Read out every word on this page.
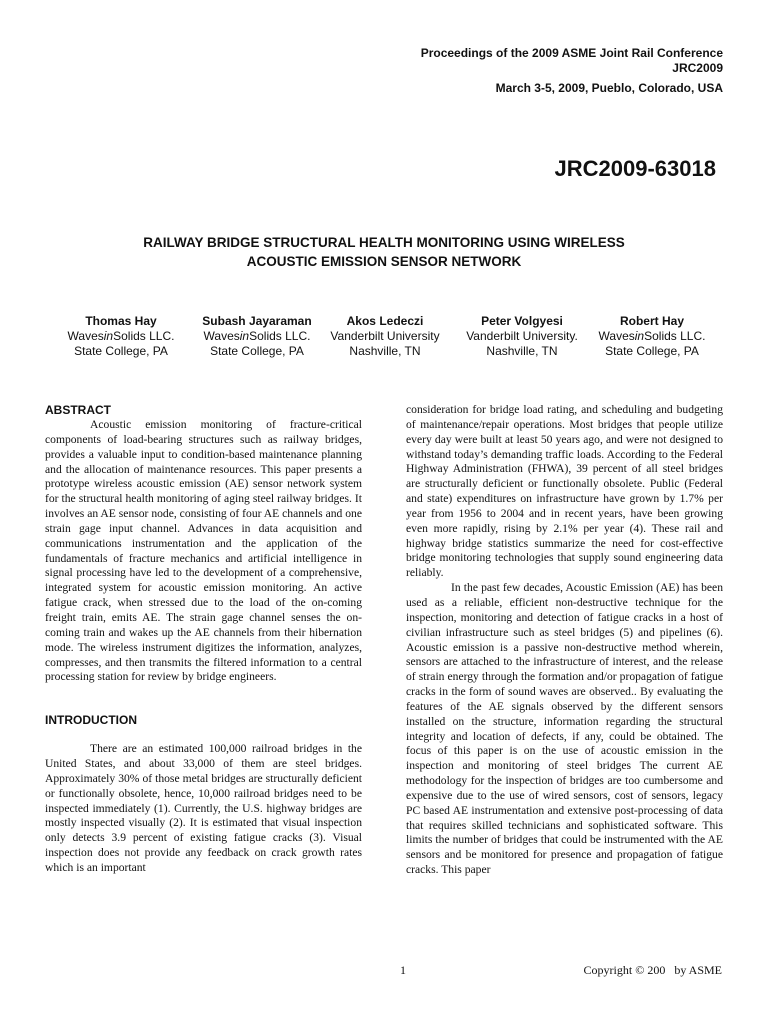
Proceedings of the 2009 ASME Joint Rail Conference
JRC2009
March 3-5, 2009, Pueblo, Colorado, USA
JRC2009-63018
RAILWAY BRIDGE STRUCTURAL HEALTH MONITORING USING WIRELESS
ACOUSTIC EMISSION SENSOR NETWORK
Thomas Hay
WavesinSolids LLC.
State College, PA
Subash Jayaraman
WavesinSolids LLC.
State College, PA
Akos Ledeczi
Vanderbilt University
Nashville, TN
Peter Volgyesi
Vanderbilt University.
Nashville, TN
Robert Hay
WavesinSolids LLC.
State College, PA
ABSTRACT

Acoustic emission monitoring of fracture-critical components of load-bearing structures such as railway bridges, provides a valuable input to condition-based maintenance planning and the allocation of maintenance resources. This paper presents a prototype wireless acoustic emission (AE) sensor network system for the structural health monitoring of aging steel railway bridges. It involves an AE sensor node, consisting of four AE channels and one strain gage input channel. Advances in data acquisition and communications instrumentation and the application of the fundamentals of fracture mechanics and artificial intelligence in signal processing have led to the development of a comprehensive, integrated system for acoustic emission monitoring. An active fatigue crack, when stressed due to the load of the on-coming freight train, emits AE. The strain gage channel senses the on-coming train and wakes up the AE channels from their hibernation mode. The wireless instrument digitizes the information, analyzes, compresses, and then transmits the filtered information to a central processing station for review by bridge engineers.

INTRODUCTION

There are an estimated 100,000 railroad bridges in the United States, and about 33,000 of them are steel bridges. Approximately 30% of those metal bridges are structurally deficient or functionally obsolete, hence, 10,000 railroad bridges need to be inspected immediately (1). Currently, the U.S. highway bridges are mostly inspected visually (2). It is estimated that visual inspection only detects 3.9 percent of existing fatigue cracks (3). Visual inspection does not provide any feedback on crack growth rates which is an important

consideration for bridge load rating, and scheduling and budgeting of maintenance/repair operations. Most bridges that people utilize every day were built at least 50 years ago, and were not designed to withstand today’s demanding traffic loads. According to the Federal Highway Administration (FHWA), 39 percent of all steel bridges are structurally deficient or functionally obsolete. Public (Federal and state) expenditures on infrastructure have grown by 1.7% per year from 1956 to 2004 and in recent years, have been growing even more rapidly, rising by 2.1% per year (4). These rail and highway bridge statistics summarize the need for cost-effective bridge monitoring technologies that supply sound engineering data reliably.

In the past few decades, Acoustic Emission (AE) has been used as a reliable, efficient non-destructive technique for the inspection, monitoring and detection of fatigue cracks in a host of civilian infrastructure such as steel bridges (5) and pipelines (6). Acoustic emission is a passive non-destructive method wherein, sensors are attached to the infrastructure of interest, and the release of strain energy through the formation and/or propagation of fatigue cracks in the form of sound waves are observed.. By evaluating the features of the AE signals observed by the different sensors installed on the structure, information regarding the structural integrity and location of defects, if any, could be obtained. The focus of this paper is on the use of acoustic emission in the inspection and monitoring of steel bridges The current AE methodology for the inspection of bridges are too cumbersome and expensive due to the use of wired sensors, cost of sensors, legacy PC based AE instrumentation and extensive post-processing of data that requires skilled technicians and sophisticated software. This limits the number of bridges that could be instrumented with the AE sensors and be monitored for presence and propagation of fatigue cracks. This paper

1	Copyright © 200   by ASME
